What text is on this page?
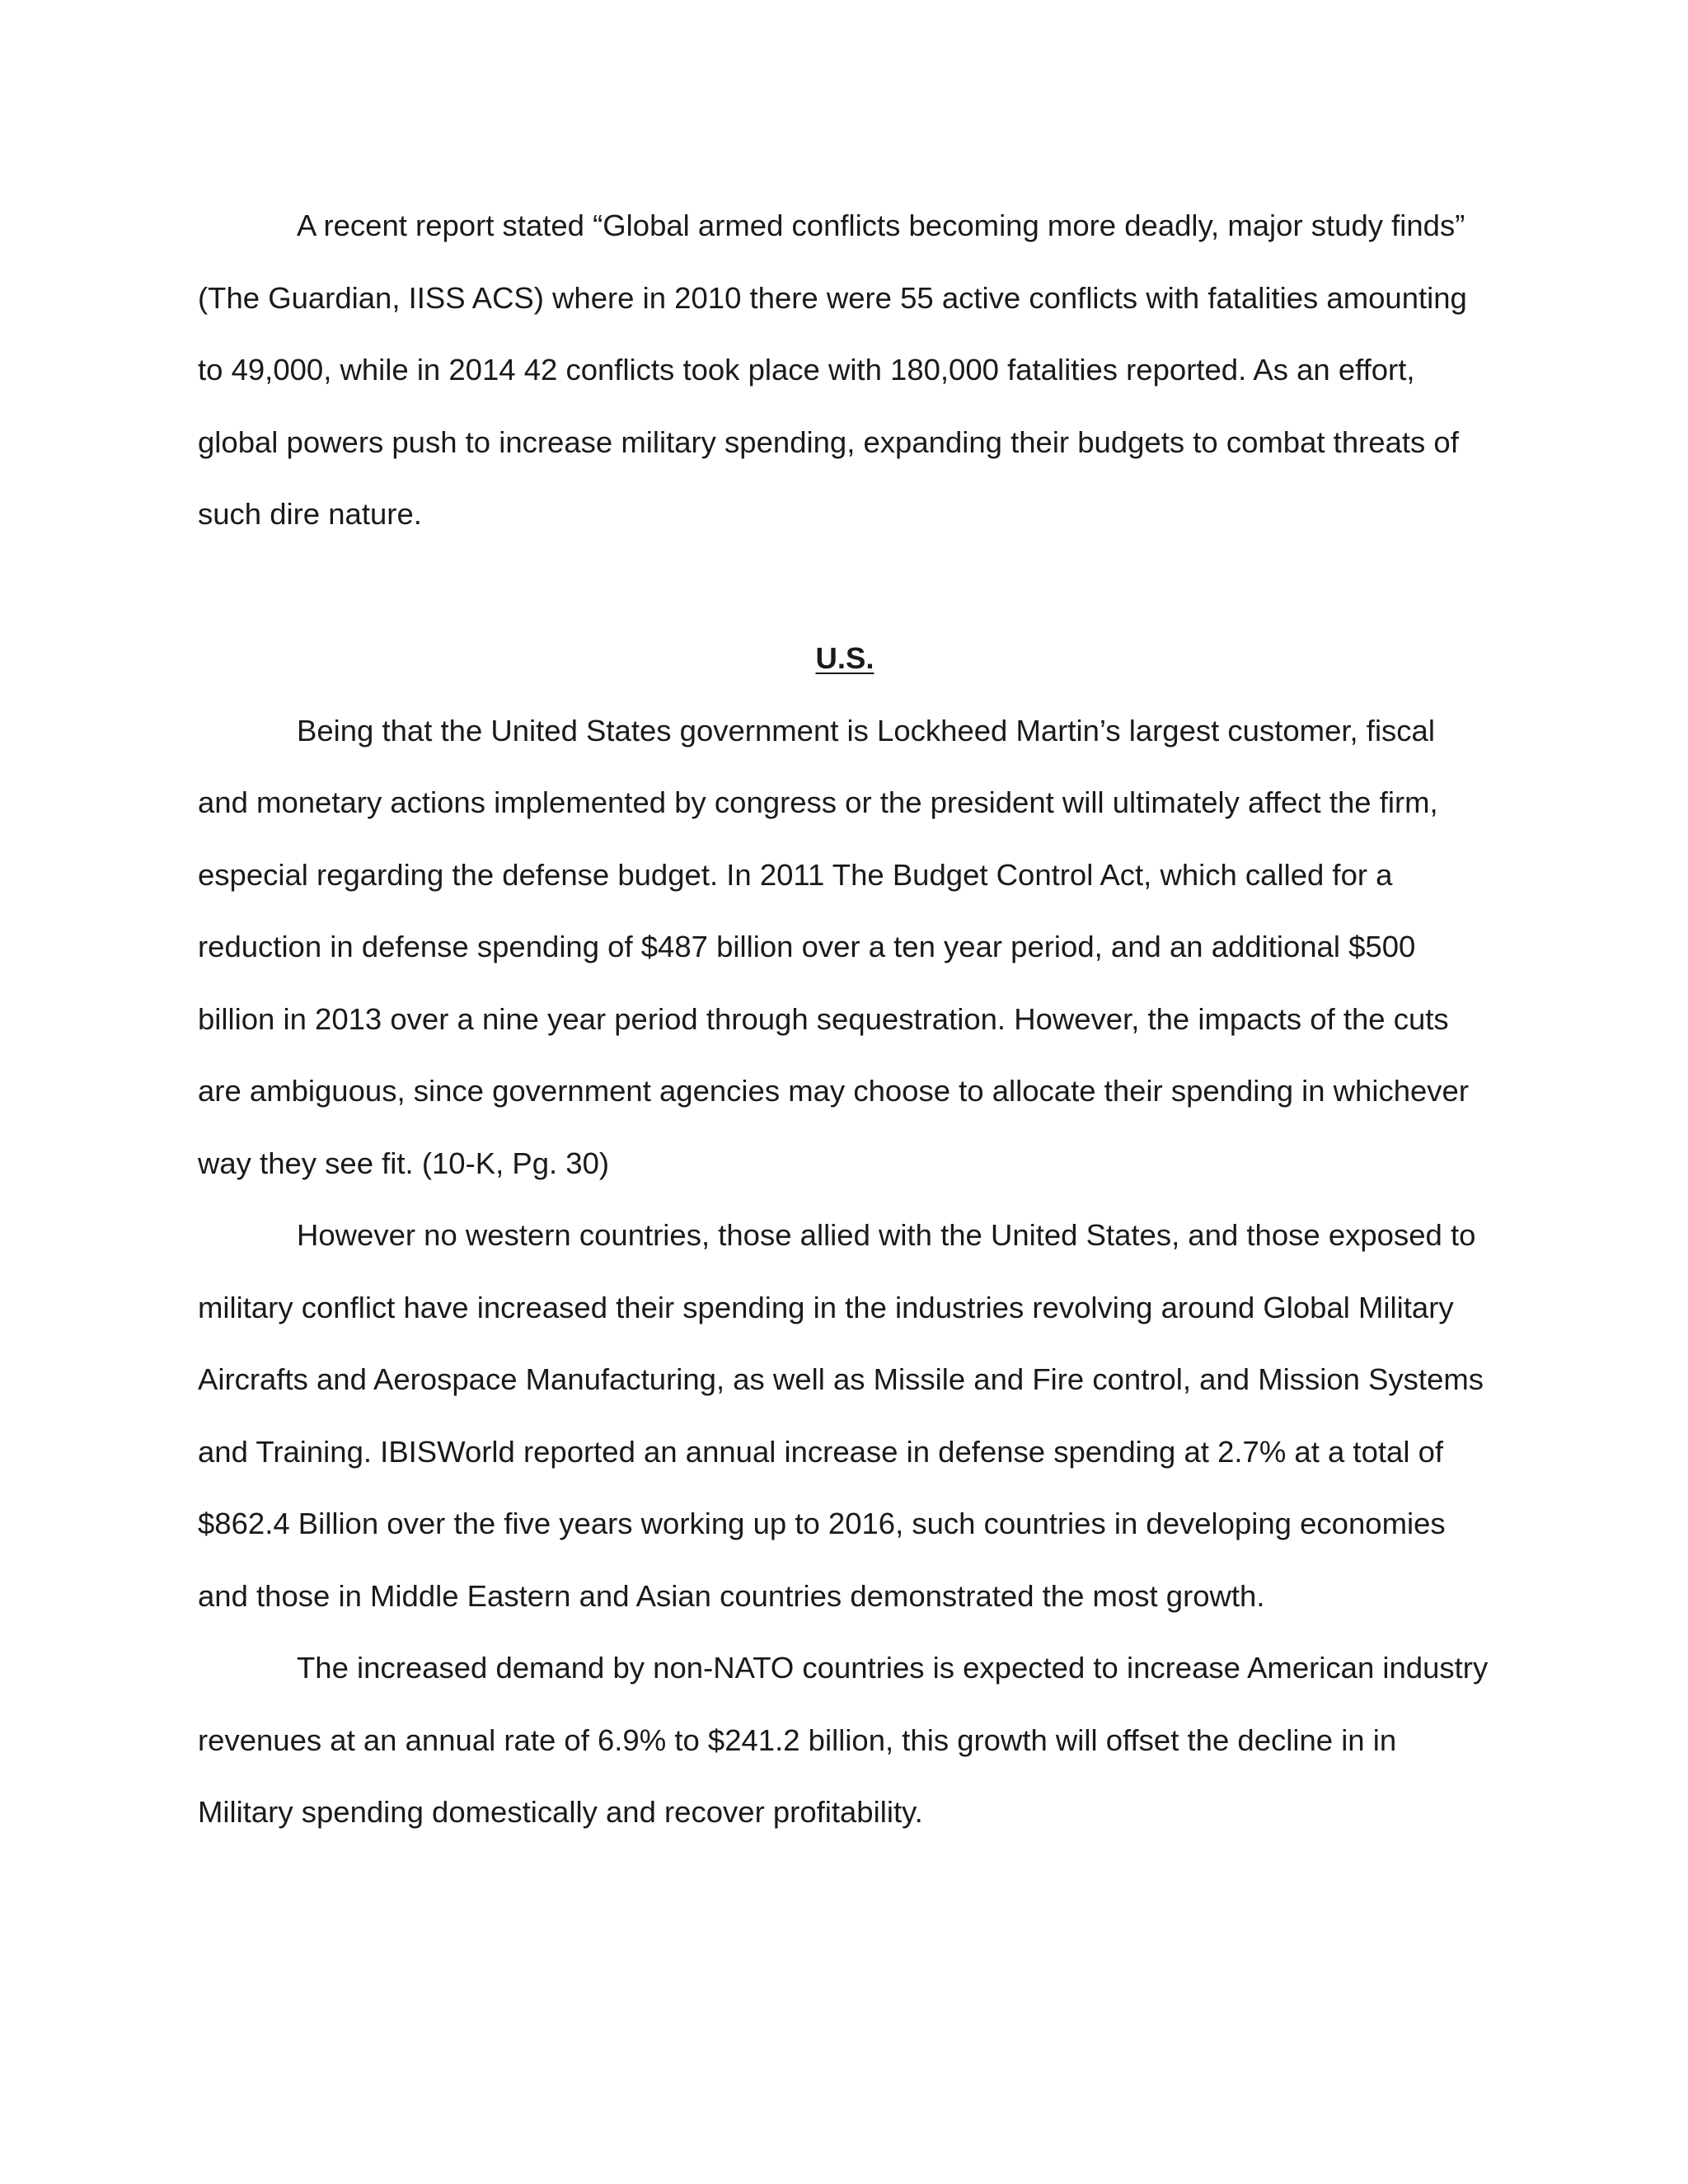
A recent report stated “Global armed conflicts becoming more deadly, major study finds” (The Guardian, IISS ACS) where in 2010 there were 55 active conflicts with fatalities amounting to 49,000, while in 2014 42 conflicts took place with 180,000 fatalities reported. As an effort, global powers push to increase military spending, expanding their budgets to combat threats of such dire nature.

U.S.

Being that the United States government is Lockheed Martin’s largest customer, fiscal and monetary actions implemented by congress or the president will ultimately affect the firm, especial regarding the defense budget. In 2011 The Budget Control Act, which called for a reduction in defense spending of $487 billion over a ten year period, and an additional $500 billion in 2013 over a nine year period through sequestration. However, the impacts of the cuts are ambiguous, since government agencies may choose to allocate their spending in whichever way they see fit. (10-K, Pg. 30)

However no western countries, those allied with the United States, and those exposed to military conflict have increased their spending in the industries revolving around Global Military Aircrafts and Aerospace Manufacturing, as well as Missile and Fire control, and Mission Systems and Training. IBISWorld reported an annual increase in defense spending at 2.7% at a total of $862.4 Billion over the five years working up to 2016, such countries in developing economies and those in Middle Eastern and Asian countries demonstrated the most growth.

The increased demand by non-NATO countries is expected to increase American industry revenues at an annual rate of 6.9% to $241.2 billion, this growth will offset the decline in in Military spending domestically and recover profitability.
